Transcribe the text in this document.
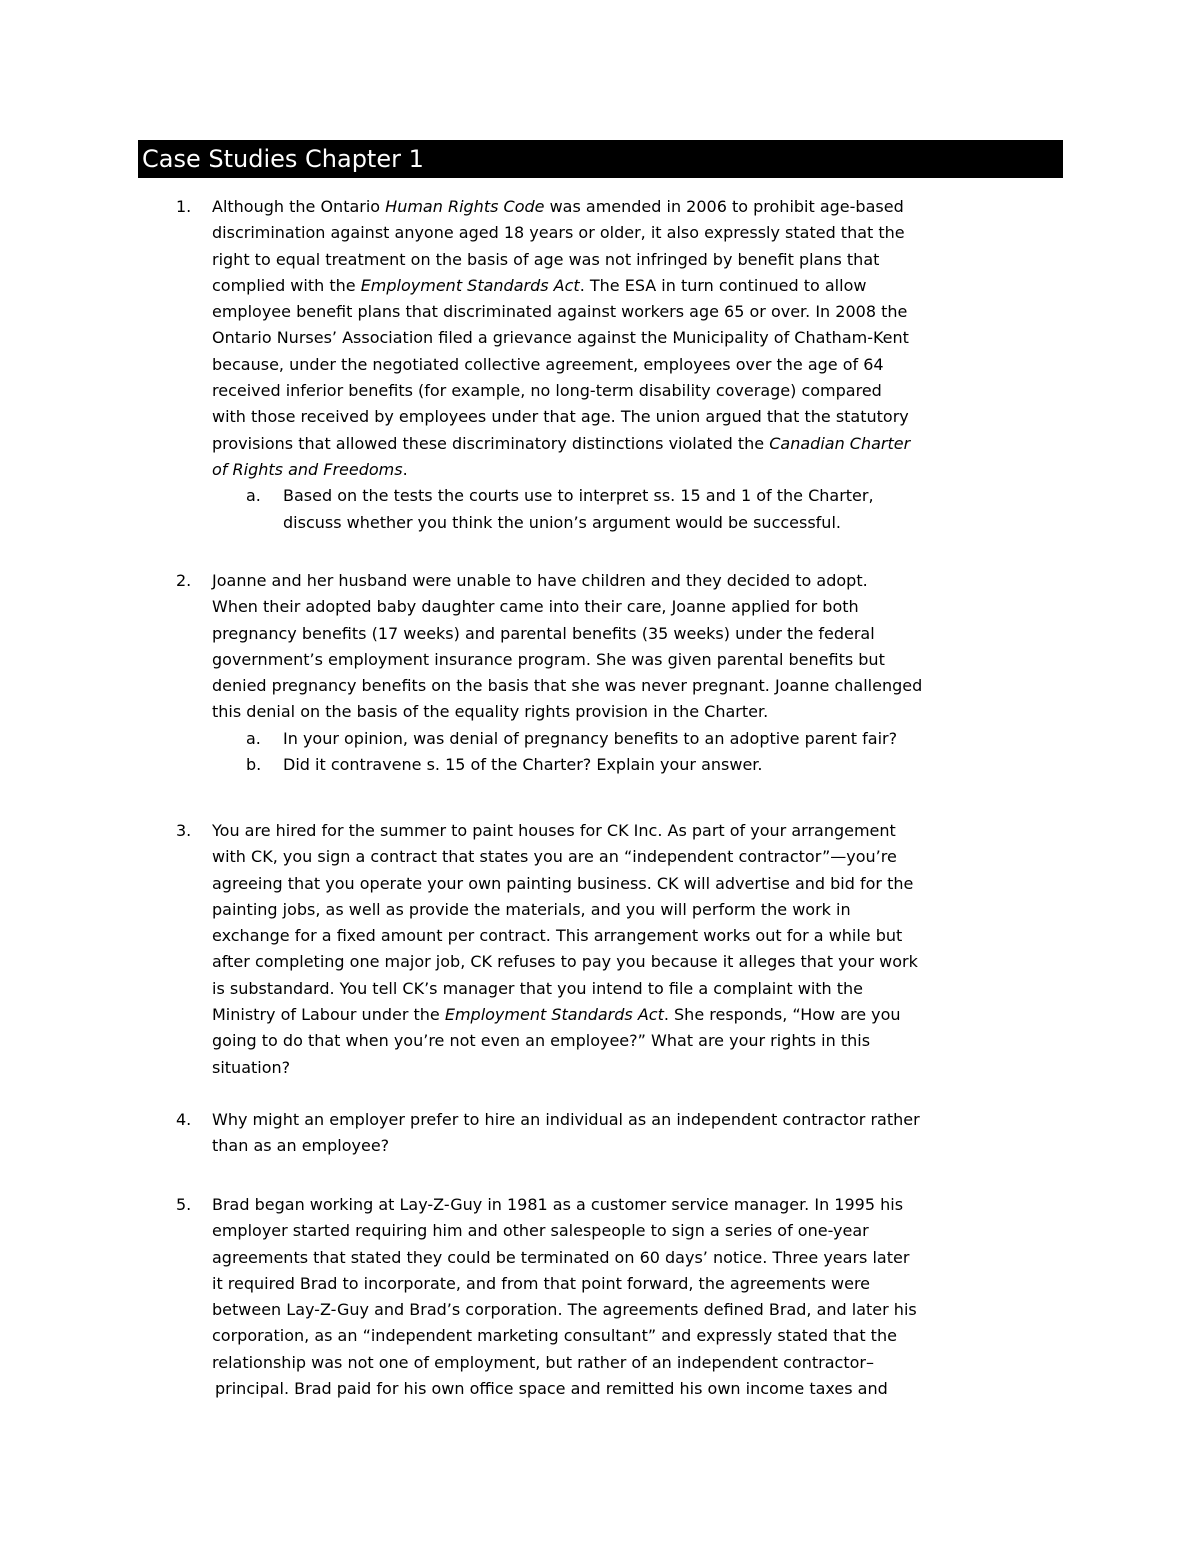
Case Studies Chapter 1
1. Although the Ontario Human Rights Code was amended in 2006 to prohibit age-based
discrimination against anyone aged 18 years or older, it also expressly stated that the
right to equal treatment on the basis of age was not infringed by benefit plans that
complied with the Employment Standards Act. The ESA in turn continued to allow
employee benefit plans that discriminated against workers age 65 or over. In 2008 the
Ontario Nurses’ Association filed a grievance against the Municipality of Chatham-Kent
because, under the negotiated collective agreement, employees over the age of 64
received inferior benefits (for example, no long-term disability coverage) compared
with those received by employees under that age. The union argued that the statutory
provisions that allowed these discriminatory distinctions violated the Canadian Charter
of Rights and Freedoms.
a. Based on the tests the courts use to interpret ss. 15 and 1 of the Charter,
discuss whether you think the union’s argument would be successful.
2. Joanne and her husband were unable to have children and they decided to adopt.
When their adopted baby daughter came into their care, Joanne applied for both
pregnancy benefits (17 weeks) and parental benefits (35 weeks) under the federal
government’s employment insurance program. She was given parental benefits but
denied pregnancy benefits on the basis that she was never pregnant. Joanne challenged
this denial on the basis of the equality rights provision in the Charter.
a. In your opinion, was denial of pregnancy benefits to an adoptive parent fair?
b. Did it contravene s. 15 of the Charter? Explain your answer.
3. You are hired for the summer to paint houses for CK Inc. As part of your arrangement
with CK, you sign a contract that states you are an “independent contractor”—you’re
agreeing that you operate your own painting business. CK will advertise and bid for the
painting jobs, as well as provide the materials, and you will perform the work in
exchange for a fixed amount per contract. This arrangement works out for a while but
after completing one major job, CK refuses to pay you because it alleges that your work
is substandard. You tell CK’s manager that you intend to file a complaint with the
Ministry of Labour under the Employment Standards Act. She responds, “How are you
going to do that when you’re not even an employee?” What are your rights in this
situation?
4. Why might an employer prefer to hire an individual as an independent contractor rather
than as an employee?
5. Brad began working at Lay-Z-Guy in 1981 as a customer service manager. In 1995 his
employer started requiring him and other salespeople to sign a series of one-year
agreements that stated they could be terminated on 60 days’ notice. Three years later
it required Brad to incorporate, and from that point forward, the agreements were
between Lay-Z-Guy and Brad’s corporation. The agreements defined Brad, and later his
corporation, as an “independent marketing consultant” and expressly stated that the
relationship was not one of employment, but rather of an independent contractor–
principal. Brad paid for his own office space and remitted his own income taxes and
